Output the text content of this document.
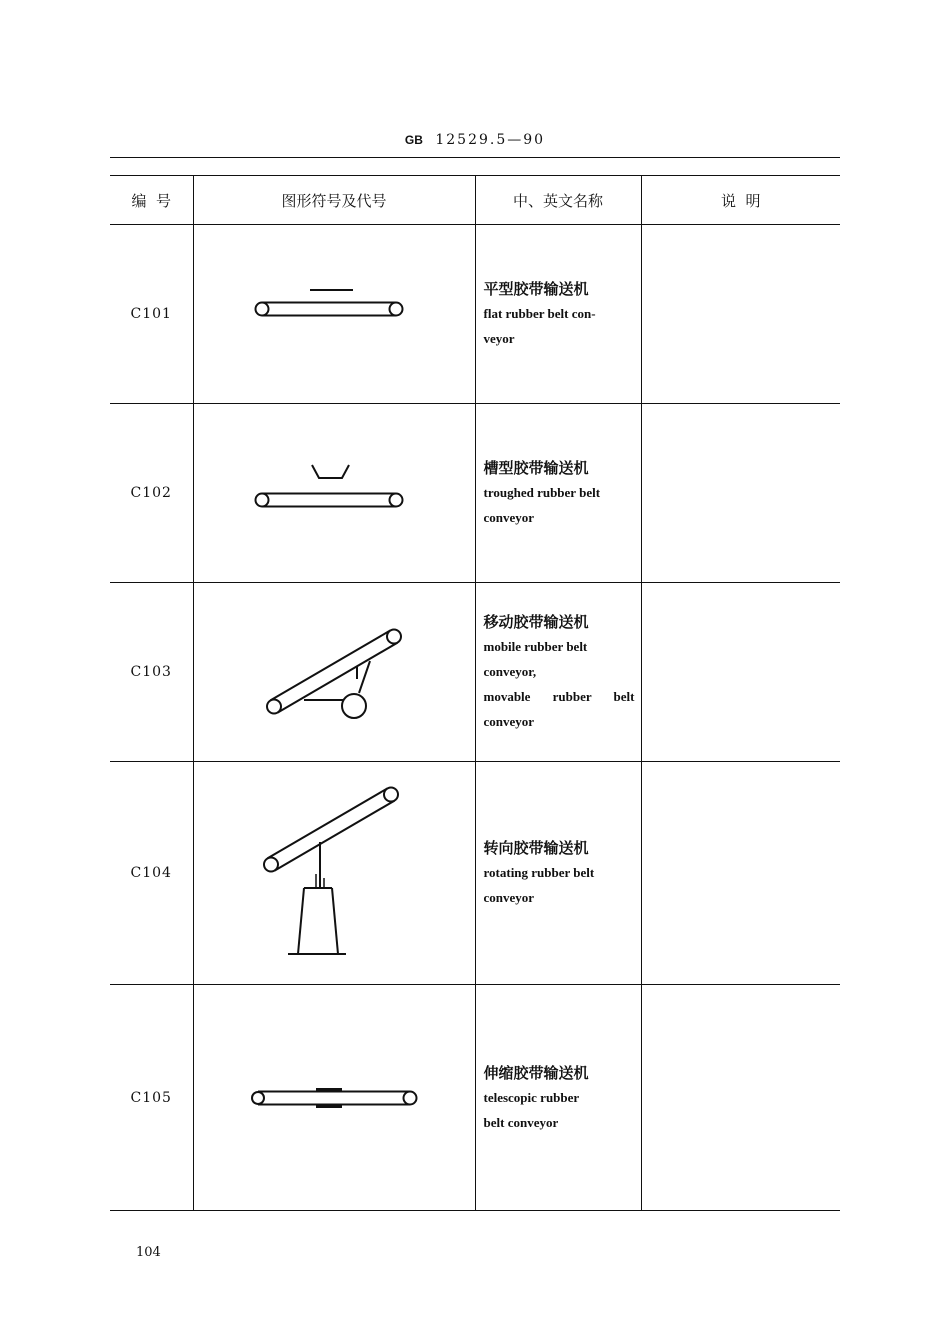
GB 12529.5—90
编  号	图形符号及代号	中、英文名称	说  明
C101		平型胶带输送机
flat rubber belt con-
veyor	

C102		槽型胶带输送机
troughed rubber belt
conveyor	

C103		移动胶带输送机
mobile rubber belt
conveyor,
movable rubber belt
conveyor	

C104		转向胶带输送机
rotating rubber belt
conveyor	

C105		伸缩胶带输送机
telescopic rubber
belt conveyor	

104
